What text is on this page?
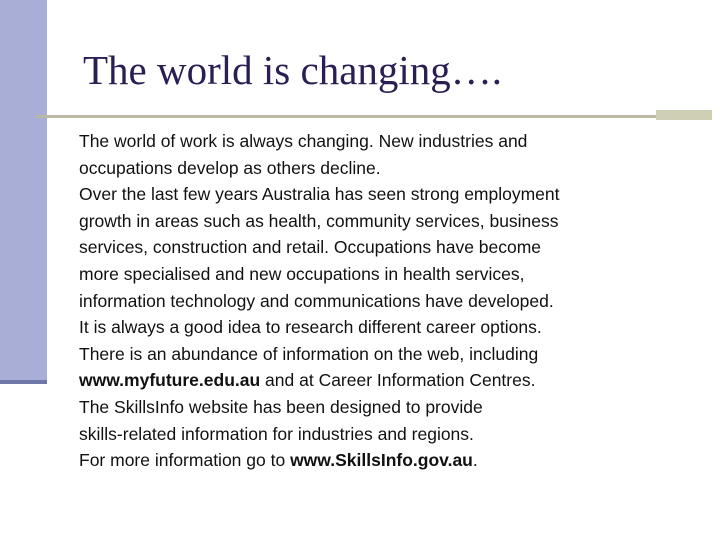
The world is changing….
The world of work is always changing. New industries and
occupations develop as others decline.
Over the last few years Australia has seen strong employment
growth in areas such as health, community services, business
services, construction and retail. Occupations have become
more specialised and new occupations in health services,
information technology and communications have developed.
It is always a good idea to research different career options.
There is an abundance of information on the web, including
www.myfuture.edu.au and at Career Information Centres.
The SkillsInfo website has been designed to provide
skills-related information for industries and regions.
For more information go to www.SkillsInfo.gov.au.
